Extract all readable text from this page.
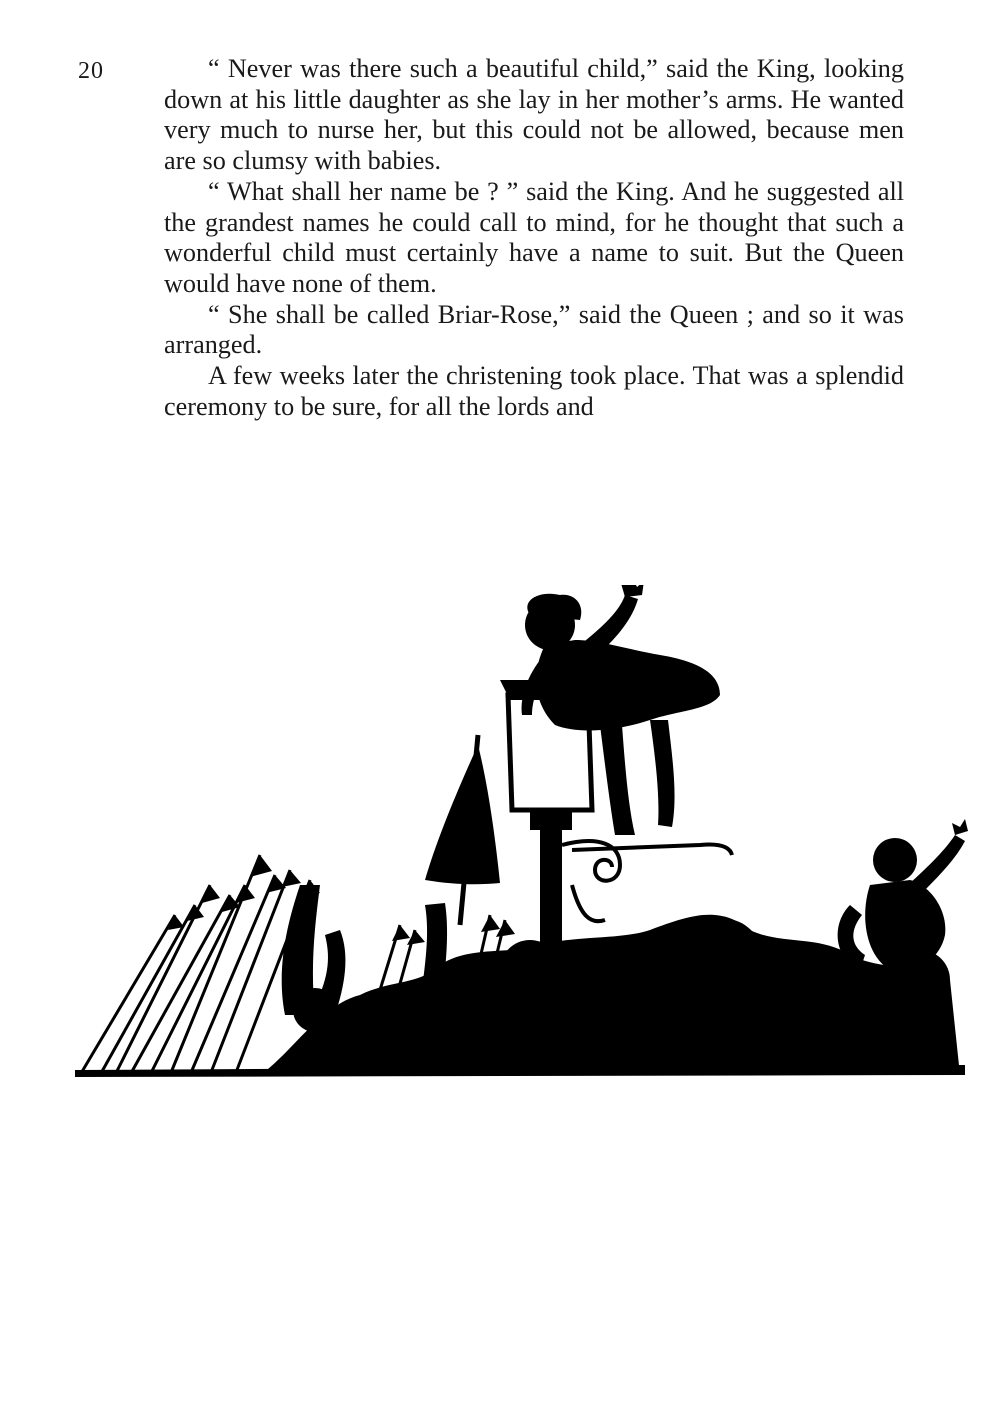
20	“ Never was there such a beautiful child,” said the King, looking down at his little daughter as she lay in her mother’s arms. He wanted very much to nurse her, but this could not be allowed, because men are so clumsy with babies.

“ What shall her name be ? ” said the King. And he suggested all the grandest names he could call to mind, for he thought that such a wonderful child must certainly have a name to suit. But the Queen would have none of them.

“ She shall be called Briar-Rose,” said the Queen ; and so it was arranged.

A few weeks later the christening took place. That was a splendid ceremony to be sure, for all the lords and
